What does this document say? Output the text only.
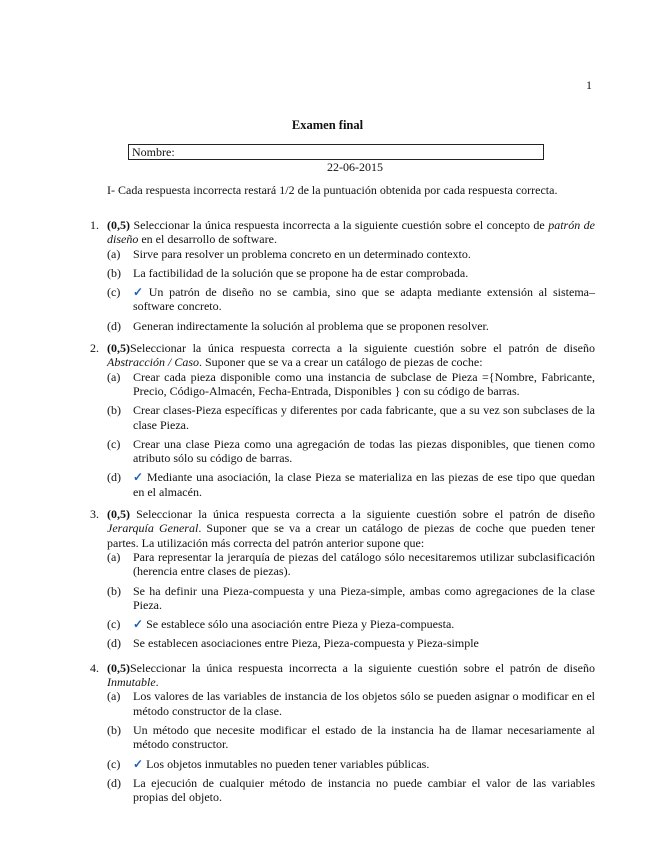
1
Examen final
Nombre:
22-06-2015
I- Cada respuesta incorrecta restará 1/2 de la puntuación obtenida por cada respuesta correcta.
1. (0,5) Seleccionar la única respuesta incorrecta a la siguiente cuestión sobre el concepto de patrón de diseño en el desarrollo de software.
(a) Sirve para resolver un problema concreto en un determinado contexto.
(b) La factibilidad de la solución que se propone ha de estar comprobada.
(c) ✓ Un patrón de diseño no se cambia, sino que se adapta mediante extensión al sistema–software concreto.
(d) Generan indirectamente la solución al problema que se proponen resolver.
2. (0,5)Seleccionar la única respuesta correcta a la siguiente cuestión sobre el patrón de diseño Abstracción / Caso. Suponer que se va a crear un catálogo de piezas de coche:
(a) Crear cada pieza disponible como una instancia de subclase de Pieza ={Nombre, Fabricante, Precio, Código-Almacén, Fecha-Entrada, Disponibles } con su código de barras.
(b) Crear clases-Pieza específicas y diferentes por cada fabricante, que a su vez son subclases de la clase Pieza.
(c) Crear una clase Pieza como una agregación de todas las piezas disponibles, que tienen como atributo sólo su código de barras.
(d) ✓ Mediante una asociación, la clase Pieza se materializa en las piezas de ese tipo que quedan en el almacén.
3. (0,5) Seleccionar la única respuesta correcta a la siguiente cuestión sobre el patrón de diseño Jerarquía General. Suponer que se va a crear un catálogo de piezas de coche que pueden tener partes. La utilización más correcta del patrón anterior supone que:
(a) Para representar la jerarquía de piezas del catálogo sólo necesitaremos utilizar subclasificación (herencia entre clases de piezas).
(b) Se ha definir una Pieza-compuesta y una Pieza-simple, ambas como agregaciones de la clase Pieza.
(c) ✓ Se establece sólo una asociación entre Pieza y Pieza-compuesta.
(d) Se establecen asociaciones entre Pieza, Pieza-compuesta y Pieza-simple
4. (0,5)Seleccionar la única respuesta incorrecta a la siguiente cuestión sobre el patrón de diseño Inmutable.
(a) Los valores de las variables de instancia de los objetos sólo se pueden asignar o modificar en el método constructor de la clase.
(b) Un método que necesite modificar el estado de la instancia ha de llamar necesariamente al método constructor.
(c) ✓ Los objetos inmutables no pueden tener variables públicas.
(d) La ejecución de cualquier método de instancia no puede cambiar el valor de las variables propias del objeto.
